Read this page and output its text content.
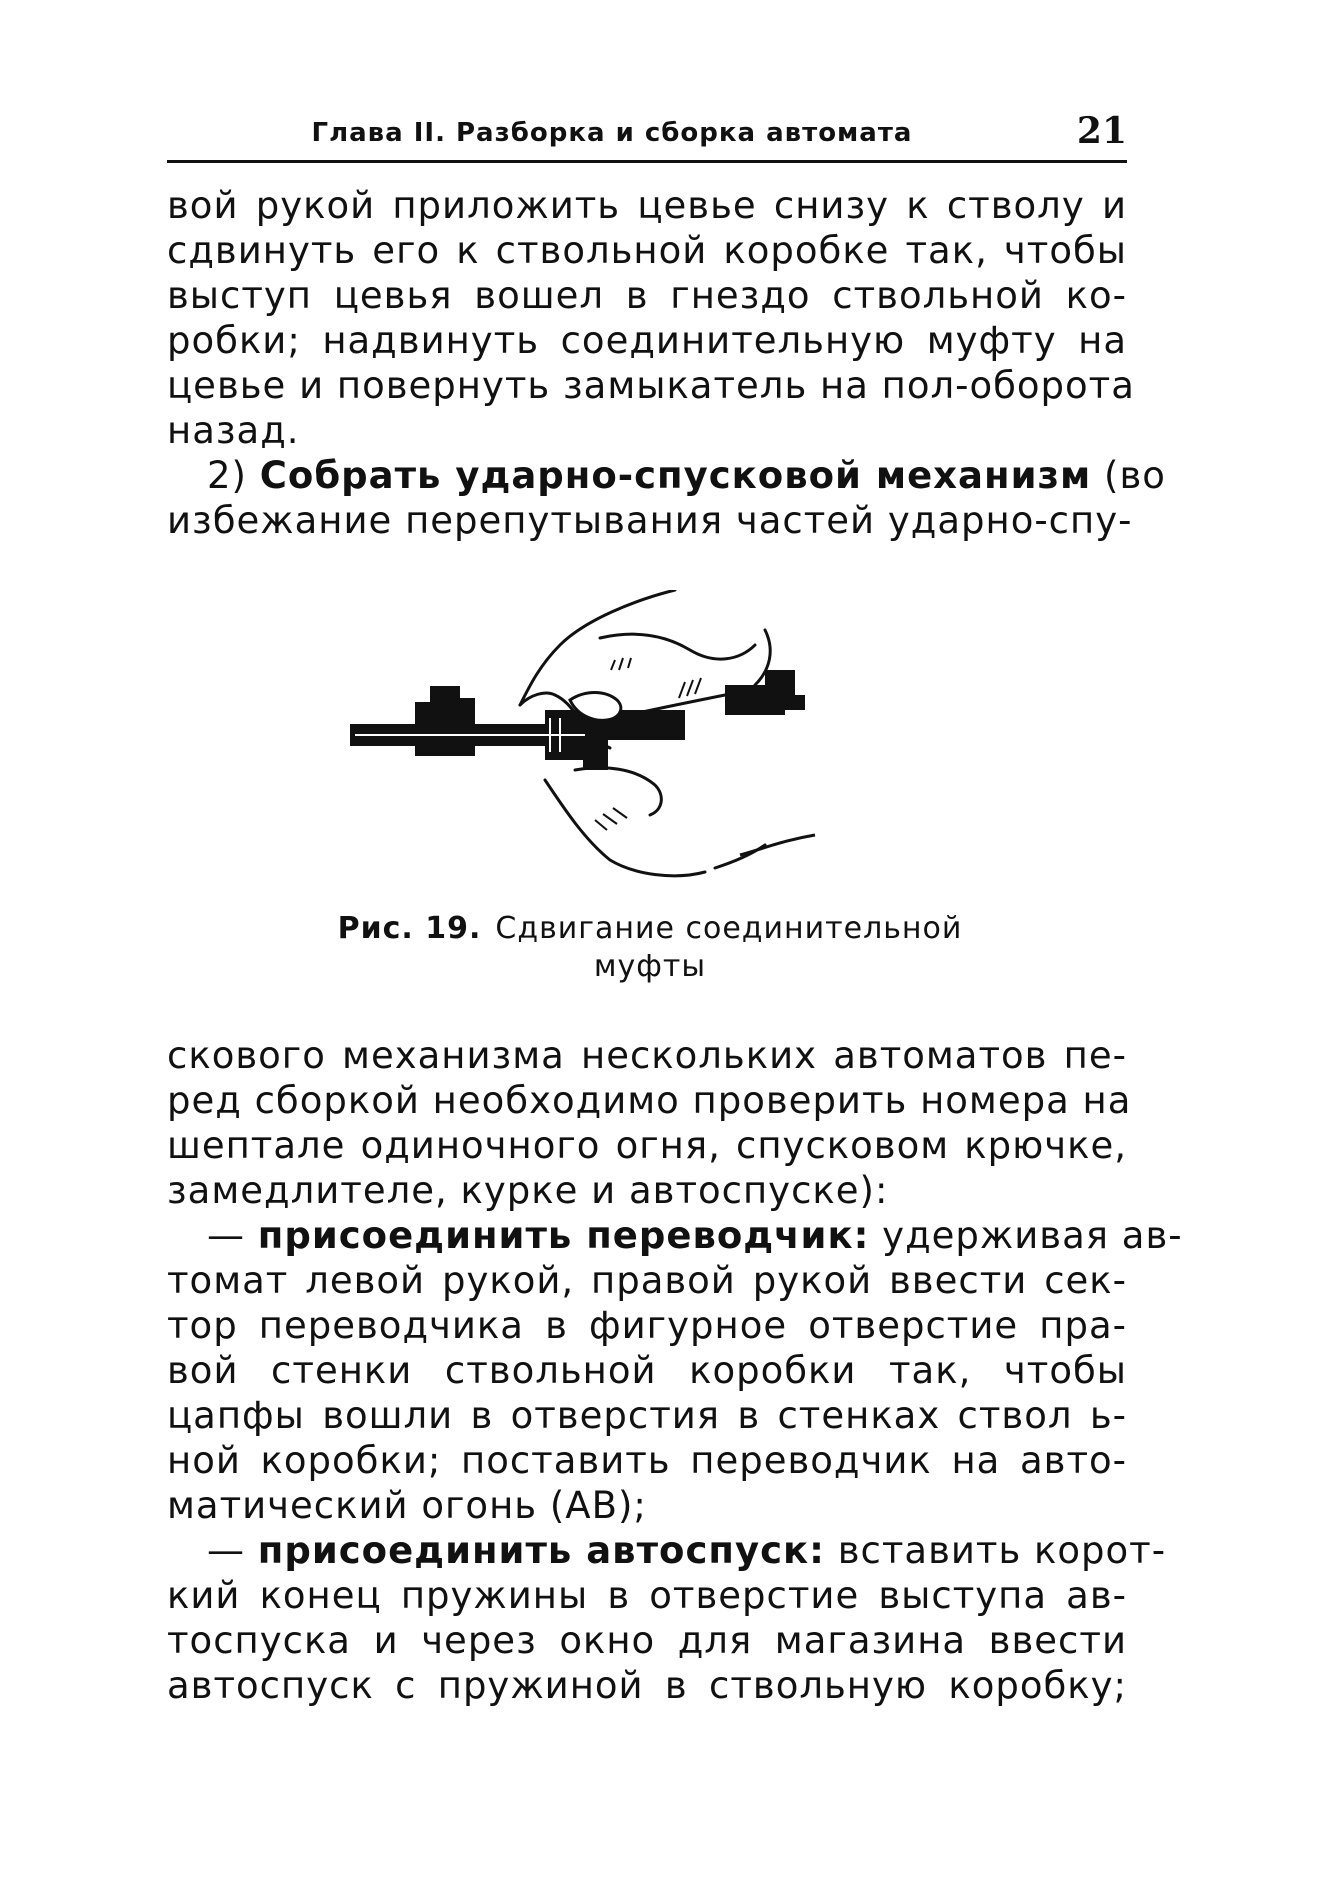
Глава II. Разборка и сборка автомата	21
вой рукой приложить цевье снизу к стволу и
сдвинуть его к ствольной коробке так, чтобы
выступ цевья вошел в гнездо ствольной ко-
робки; надвинуть соединительную муфту на
цевье и повернуть замыкатель на пол-оборота
назад.
2) Собрать ударно-спусковой механизм (во
избежание перепутывания частей ударно-спу-
Рис. 19. Сдвигание соединительной
муфты
скового механизма нескольких автоматов пе-
ред сборкой необходимо проверить номера на
шептале одиночного огня, спусковом крючке,
замедлителе, курке и автоспуске):
— присоединить переводчик: удерживая ав-
томат левой рукой, правой рукой ввести сек-
тор переводчика в фигурное отверстие пра-
вой стенки ствольной коробки так, чтобы
цапфы вошли в отверстия в стенках ствол ь-
ной коробки; поставить переводчик на авто-
матический огонь (АВ);
— присоединить автоспуск: вставить корот-
кий конец пружины в отверстие выступа ав-
тоспуска и через окно для магазина ввести
автоспуск с пружиной в ствольную коробку;
